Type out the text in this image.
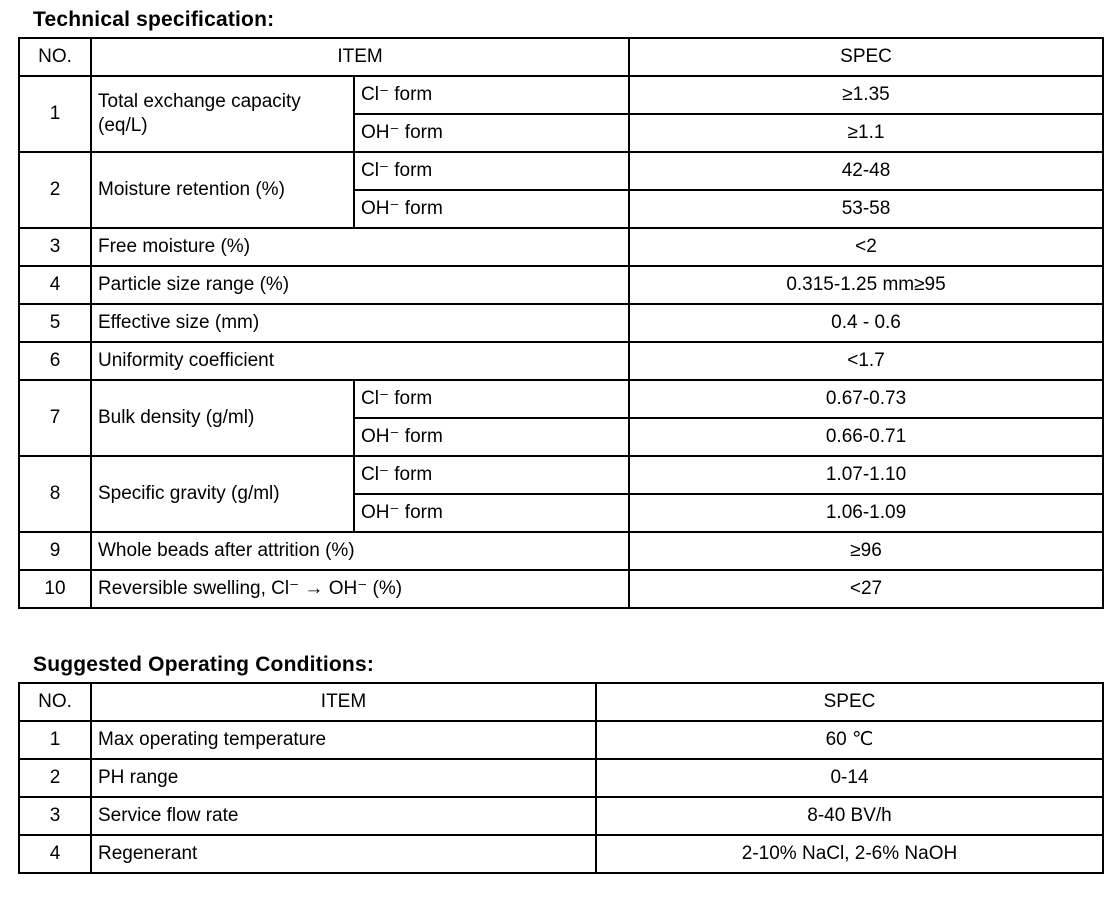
Technical specification:
NO.	ITEM		SPEC
1	Total exchange capacity (eq/L)	Cl⁻ form	≥1.35
		OH⁻ form	≥1.1
2	Moisture retention (%)	Cl⁻ form	42-48
		OH⁻ form	53-58
3	Free moisture (%)		<2
4	Particle size range (%)		0.315-1.25 mm≥95
5	Effective size (mm)		0.4 - 0.6
6	Uniformity coefficient		<1.7
7	Bulk density (g/ml)	Cl⁻ form	0.67-0.73
		OH⁻ form	0.66-0.71
8	Specific gravity (g/ml)	Cl⁻ form	1.07-1.10
		OH⁻ form	1.06-1.09
9	Whole beads after attrition (%)		≥96
10	Reversible swelling, Cl⁻ → OH⁻ (%)		<27
Suggested Operating Conditions:
NO.	ITEM	SPEC
1	Max operating temperature	60 ℃
2	PH range	0-14
3	Service flow rate	8-40 BV/h
4	Regenerant	2-10% NaCl, 2-6% NaOH
